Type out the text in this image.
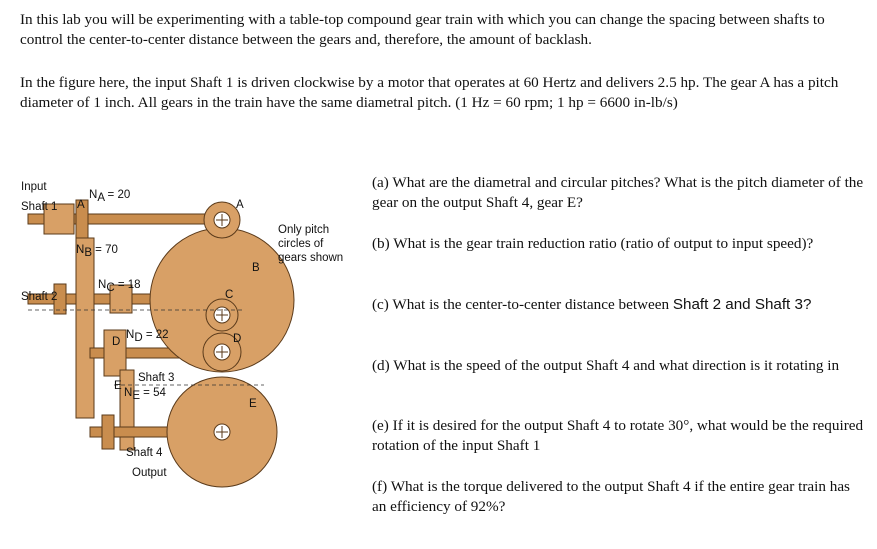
In this lab you will be experimenting with a table-top compound gear train with which you can change the spacing between shafts to control the center-to-center distance between the gears and, therefore, the amount of backlash.

In the figure here, the input Shaft 1 is driven clockwise by a motor that operates at 60 Hertz and delivers 2.5 hp. The gear A has a pitch diameter of 1 inch. All gears in the train have the same diametral pitch. (1 Hz = 60 rpm; 1 hp = 6600 in-lb/s)

Input
Shaft 1
Shaft 2
Shaft 3
Shaft 4
Output
NA = 20
A
NB = 70
NC = 18
ND = 22
D
NE = 54
E
A
B
C
D
E
Only pitch
circles of
gears shown

(a) What are the diametral and circular pitches? What is the pitch diameter of the gear on the output Shaft 4, gear E?

(b) What is the gear train reduction ratio (ratio of output to input speed)?

(c) What is the center-to-center distance between Shaft 2 and Shaft 3?

(d) What is the speed of the output Shaft 4 and what direction is it rotating in

(e) If it is desired for the output Shaft 4 to rotate 30°, what would be the required rotation of the input Shaft 1

(f) What is the torque delivered to the output Shaft 4 if the entire gear train has an efficiency of 92%?
